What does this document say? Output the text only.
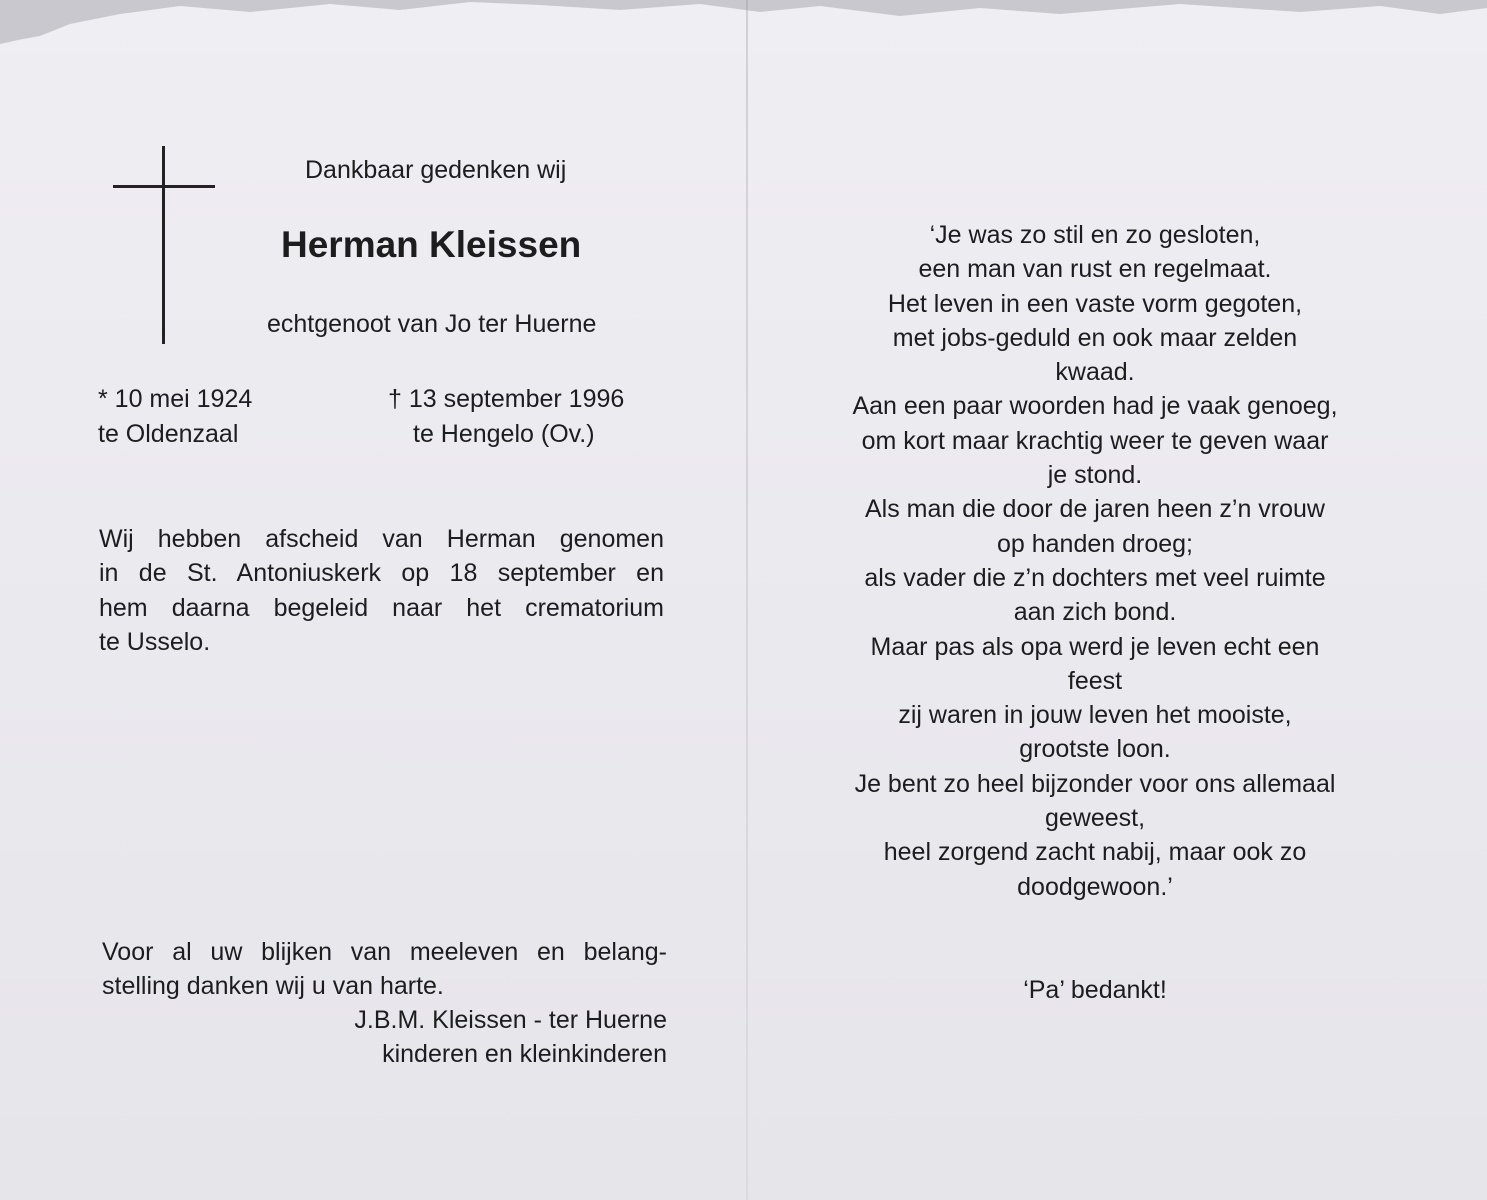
Dankbaar gedenken wij
Herman Kleissen
echtgenoot van Jo ter Huerne
* 10 mei 1924
te Oldenzaal
† 13 september 1996
te Hengelo (Ov.)
Wij hebben afscheid van Herman genomen
in de St. Antoniuskerk op 18 september en
hem daarna begeleid naar het crematorium
te Usselo.
Voor al uw blijken van meeleven en belang-
stelling danken wij u van harte.
J.B.M. Kleissen - ter Huerne
kinderen en kleinkinderen
‘Je was zo stil en zo gesloten,
een man van rust en regelmaat.
Het leven in een vaste vorm gegoten,
met jobs-geduld en ook maar zelden
kwaad.
Aan een paar woorden had je vaak genoeg,
om kort maar krachtig weer te geven waar
je stond.
Als man die door de jaren heen z’n vrouw
op handen droeg;
als vader die z’n dochters met veel ruimte
aan zich bond.
Maar pas als opa werd je leven echt een
feest
zij waren in jouw leven het mooiste,
grootste loon.
Je bent zo heel bijzonder voor ons allemaal
geweest,
heel zorgend zacht nabij, maar ook zo
doodgewoon.’
‘Pa’ bedankt!
